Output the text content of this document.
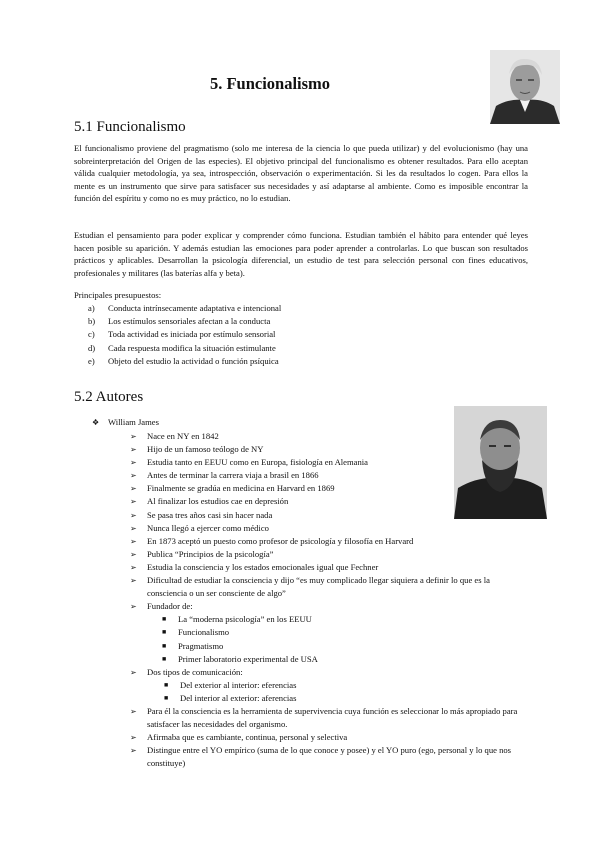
5. Funcionalismo
5.1 Funcionalismo
El funcionalismo proviene del pragmatismo (solo me interesa de la ciencia lo que pueda utilizar) y del evolucionismo (hay una sobreinterpretación del Origen de las especies). El objetivo principal del funcionalismo es obtener resultados. Para ello aceptan válida cualquier metodología, ya sea, introspección, observación o experimentación. Si les da resultados lo cogen. Para ellos la mente es un instrumento que sirve para satisfacer sus necesidades y así adaptarse al ambiente. Como es imposible encontrar la función del espíritu y como no es muy práctico, no lo estudian.
Estudian el pensamiento para poder explicar y comprender cómo funciona. Estudian también el hábito para entender qué leyes hacen posible su aparición. Y además estudian las emociones para poder aprender a controlarlas. Lo que buscan son resultados prácticos y aplicables. Desarrollan la psicología diferencial, un estudio de test para selección personal con fines educativos, profesionales y militares (las baterías alfa y beta).
Principales presupuestos:
a)	Conducta intrínsecamente adaptativa e intencional
b)	Los estímulos sensoriales afectan a la conducta
c)	Toda actividad es iniciada por estímulo sensorial
d)	Cada respuesta modifica la situación estimulante
e)	Objeto del estudio la actividad o función psíquica
5.2 Autores
❖ William James
➢	Nace en NY en 1842
➢	Hijo de un famoso teólogo de NY
➢	Estudia tanto en EEUU como en Europa, fisiología en Alemania
➢	Antes de terminar la carrera viaja a brasil en 1866
➢	Finalmente se gradúa en medicina en Harvard en 1869
➢	Al finalizar los estudios cae en depresión
➢	Se pasa tres años casi sin hacer nada
➢	Nunca llegó a ejercer como médico
➢	En 1873 aceptó un puesto como profesor de psicología y filosofía en Harvard
➢	Publica “Principios de la psicología”
➢	Estudia la consciencia y los estados emocionales igual que Fechner
➢	Dificultad de estudiar la consciencia y dijo “es muy complicado llegar siquiera a definir lo que es la consciencia o un ser consciente de algo”
➢	Fundador de:
■	La “moderna psicología” en los EEUU
■	Funcionalismo
■	Pragmatismo
■	Primer laboratorio experimental de USA
➢	Dos tipos de comunicación:
■	Del exterior al interior: eferencias
■	Del interior al exterior: aferencias
➢	Para él la consciencia es la herramienta de supervivencia cuya función es seleccionar lo más apropiado para satisfacer las necesidades del organismo.
➢	Afirmaba que es cambiante, continua, personal y selectiva
➢	Distingue entre el YO empírico (suma de lo que conoce y posee) y el YO puro (ego, personal y lo que nos constituye)
